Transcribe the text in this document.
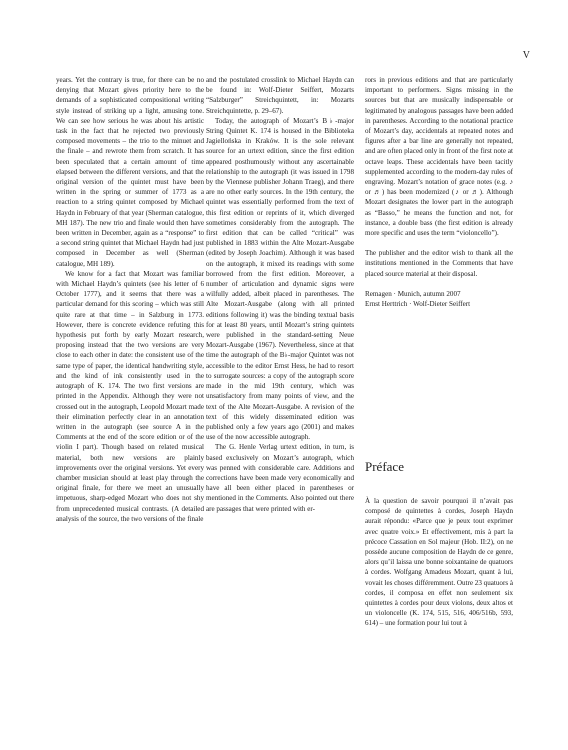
V

years. Yet the contrary is true, for there can be no denying that Mozart gives priority here to the demands of a sophisticated compositional writing style instead of striking up a light, amusing tone. We can see how serious he was about his artistic task in the fact that he rejected two previously composed movements – the trio to the minuet and the finale – and rewrote them from scratch. It has been speculated that a certain amount of time elapsed between the different versions, and that the original version of the quintet must have been written in the spring or summer of 1773 as a reaction to a string quintet composed by Michael Haydn in February of that year (Sherman catalogue, MH 187). The new trio and finale would then have been written in December, again as a “response” to a second string quintet that Michael Haydn had just composed in December as well (Sherman catalogue, MH 189).

We know for a fact that Mozart was familiar with Michael Haydn’s quintets (see his letter of 6 October 1777), and it seems that there was a particular demand for this scoring – which was still quite rare at that time – in Salzburg in 1773. However, there is concrete evidence refuting this hypothesis put forth by early Mozart research, proposing instead that the two versions are very close to each other in date: the consistent use of the same type of paper, the identical handwriting style, and the kind of ink consistently used in the autograph of K. 174. The two first versions are printed in the Appendix. Although they were not crossed out in the autograph, Leopold Mozart made their elimination perfectly clear in an annotation written in the autograph (see source A in the Comments at the end of the score edition or of the violin I part). Though based on related musical material, both new versions are plainly improvements over the original versions. Yet every chamber musician should at least play through the original finale, for there we meet an unusually impetuous, sharp-edged Mozart who does not shy from unprecedented musical contrasts. (A detailed analysis of the source, the two versions of the finale

and the postulated crosslink to Michael Haydn can be found in: Wolf-Dieter Seiffert, Mozarts “Salzburger” Streichquintett, in: Mozarts Streichquintette, p. 29–67).

Today, the autograph of Mozart’s B♭-major String Quintet K. 174 is housed in the Biblioteka Jagiellońska in Kraków. It is the sole relevant source for an urtext edition, since the first edition appeared posthumously without any ascertainable relationship to the autograph (it was issued in 1798 by the Viennese publisher Johann Traeg), and there are no other early sources. In the 19th century, the quintet was essentially performed from the text of this first edition or reprints of it, which diverged sometimes considerably from the autograph. The first edition that can be called “critical” was published in 1883 within the Alte Mozart-Ausgabe (edited by Joseph Joachim). Although it was based on the autograph, it mixed its readings with some borrowed from the first edition. Moreover, a number of articulation and dynamic signs were wilfully added, albeit placed in parentheses. The Alte Mozart-Ausgabe (along with all printed editions following it) was the binding textual basis for at least 80 years, until Mozart’s string quintets were published in the standard-setting Neue Mozart-Ausgabe (1967). Nevertheless, since at that time the autograph of the B♭-major Quintet was not accessible to the editor Ernst Hess, he had to resort to surrogate sources: a copy of the autograph score made in the mid 19th century, which was unsatisfactory from many points of view, and the text of the Alte Mozart-Ausgabe. A revision of the text of this widely disseminated edition was published only a few years ago (2001) and makes use of the now accessible autograph.

The G. Henle Verlag urtext edition, in turn, is based exclusively on Mozart’s autograph, which was penned with considerable care. Additions and corrections have been made very economically and have all been either placed in parentheses or mentioned in the Comments. Also pointed out there are passages that were printed with er-

rors in previous editions and that are particularly important to performers. Signs missing in the sources but that are musically indispensable or legitimated by analogous passages have been added in parentheses. According to the notational practice of Mozart’s day, accidentals at repeated notes and figures after a bar line are generally not repeated, and are often placed only in front of the first note at octave leaps. These accidentals have been tacitly supplemented according to the modern-day rules of engraving. Mozart’s notation of grace notes (e.g. ♪ or ♬) has been modernized (♪ or ♬). Although Mozart designates the lower part in the autograph as “Basso,” he means the function and not, for instance, a double bass (the first edition is already more specific and uses the term “violoncello”).

The publisher and the editor wish to thank all the institutions mentioned in the Comments that have placed source material at their disposal.

Remagen · Munich, autumn 2007

Ernst Herttrich · Wolf-Dieter Seiffert

Préface
À la question de savoir pourquoi il n’avait pas composé de quintettes à cordes, Joseph Haydn aurait répondu: «Parce que je peux tout exprimer avec quatre voix.» Et effectivement, mis à part la précoce Cassation en Sol majeur (Hob. II:2), on ne possède aucune composition de Haydn de ce genre, alors qu’il laissa une bonne soixantaine de quatuors à cordes. Wolfgang Amadeus Mozart, quant à lui, vovait les choses différemment. Outre 23 quatuors à cordes, il composa en effet non seulement six quintettes à cordes pour deux violons, deux altos et un violoncelle (K. 174, 515, 516, 406/516b, 593, 614) – une formation pour lui tout à
